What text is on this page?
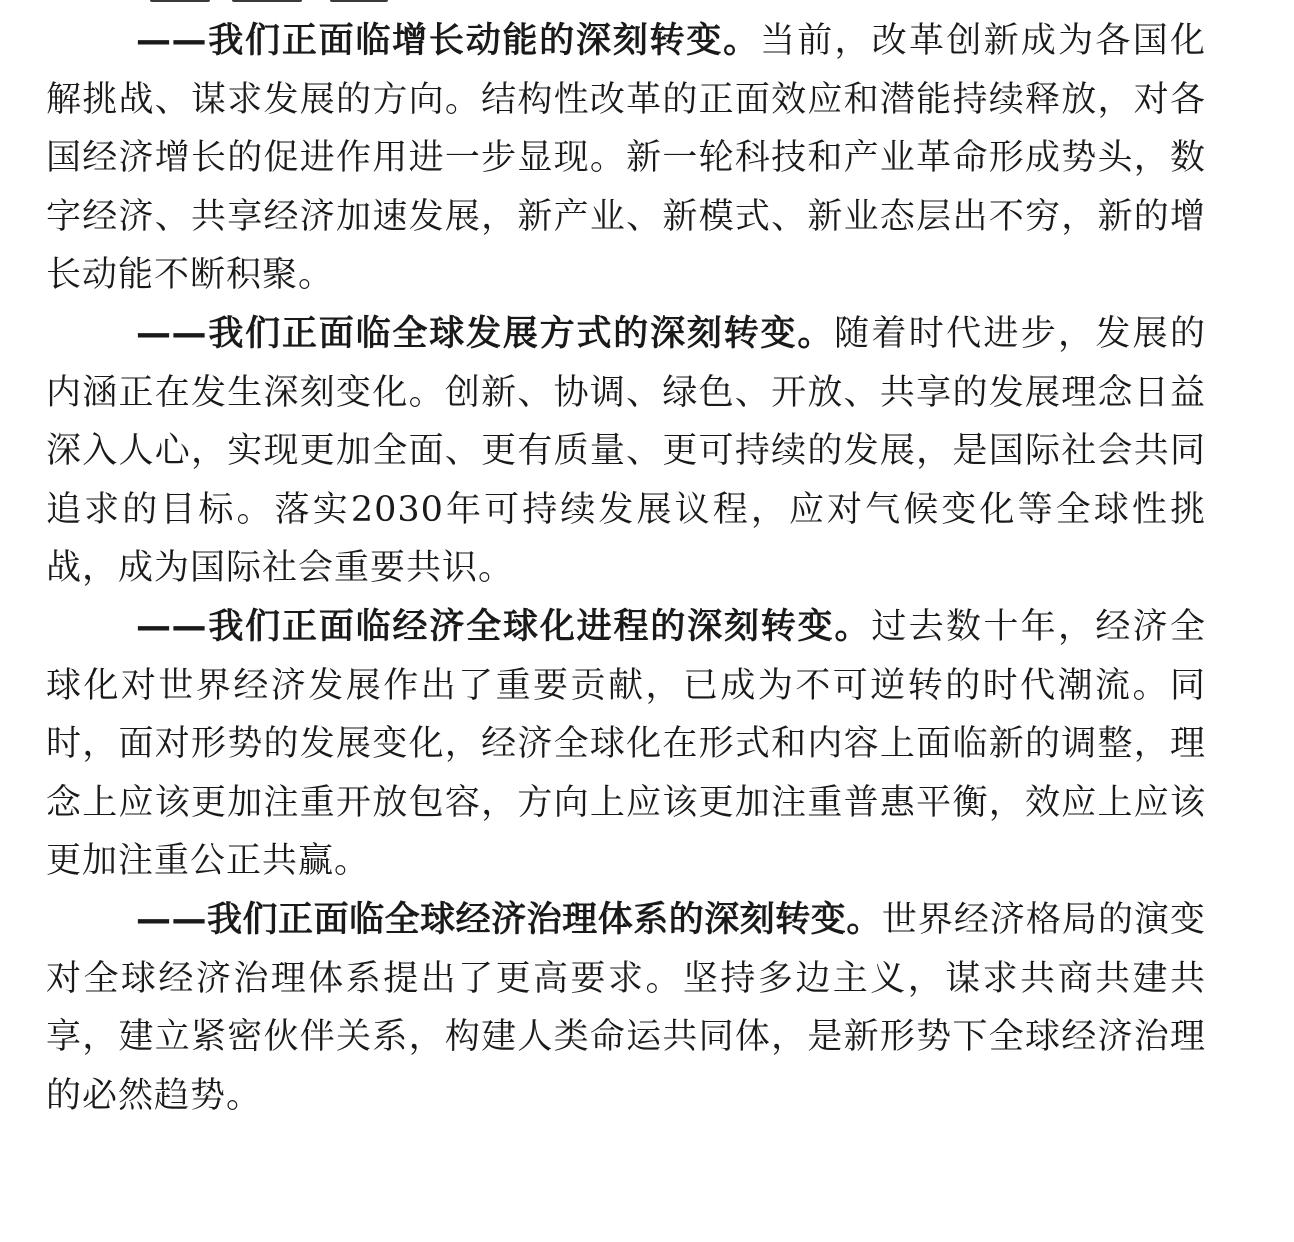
——我们正面临增长动能的深刻转变。当前，改革创新成为各国化解挑战、谋求发展的方向。结构性改革的正面效应和潜能持续释放，对各国经济增长的促进作用进一步显现。新一轮科技和产业革命形成势头，数字经济、共享经济加速发展，新产业、新模式、新业态层出不穷，新的增长动能不断积聚。

——我们正面临全球发展方式的深刻转变。随着时代进步，发展的内涵正在发生深刻变化。创新、协调、绿色、开放、共享的发展理念日益深入人心，实现更加全面、更有质量、更可持续的发展，是国际社会共同追求的目标。落实2030年可持续发展议程，应对气候变化等全球性挑战，成为国际社会重要共识。

——我们正面临经济全球化进程的深刻转变。过去数十年，经济全球化对世界经济发展作出了重要贡献，已成为不可逆转的时代潮流。同时，面对形势的发展变化，经济全球化在形式和内容上面临新的调整，理念上应该更加注重开放包容，方向上应该更加注重普惠平衡，效应上应该更加注重公正共赢。

——我们正面临全球经济治理体系的深刻转变。世界经济格局的演变对全球经济治理体系提出了更高要求。坚持多边主义，谋求共商共建共享，建立紧密伙伴关系，构建人类命运共同体，是新形势下全球经济治理的必然趋势。
